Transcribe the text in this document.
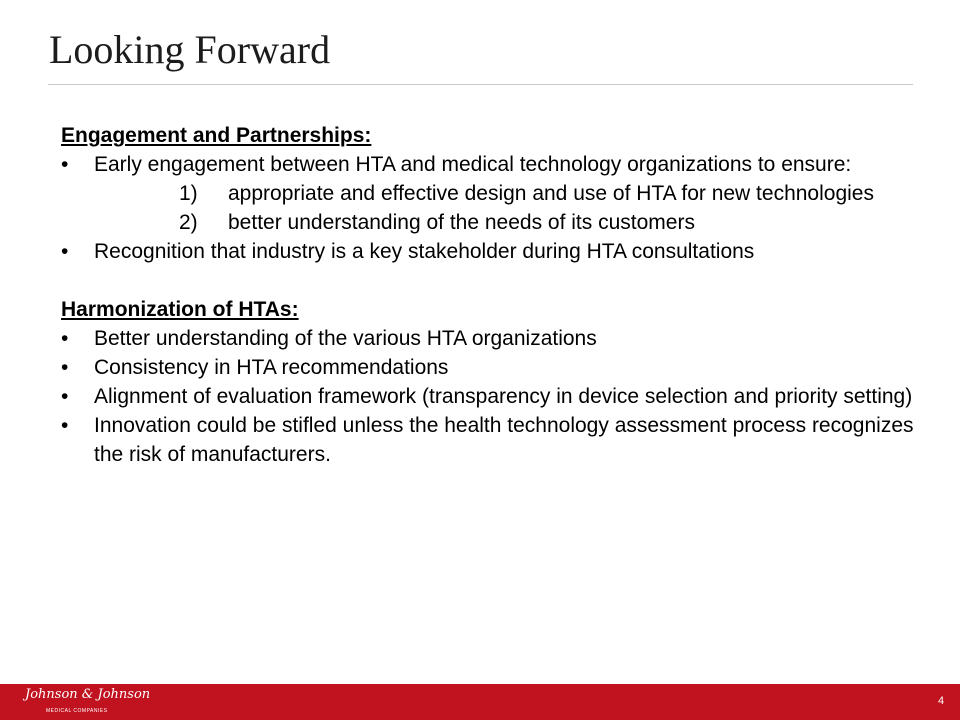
Looking Forward

Engagement and Partnerships:

•	Early engagement between HTA and medical technology organizations to ensure:
1) appropriate and effective design and use of HTA for new technologies
2) better understanding of the needs of its customers
•	Recognition that industry is a key stakeholder during HTA consultations

Harmonization of HTAs:

•	Better understanding of the various HTA organizations
•	Consistency in HTA recommendations
•	Alignment of evaluation framework (transparency in device selection and priority setting)
•	Innovation could be stifled unless the health technology assessment process recognizes the risk of manufacturers.
Johnson & Johnson
MEDICAL COMPANIES
4
